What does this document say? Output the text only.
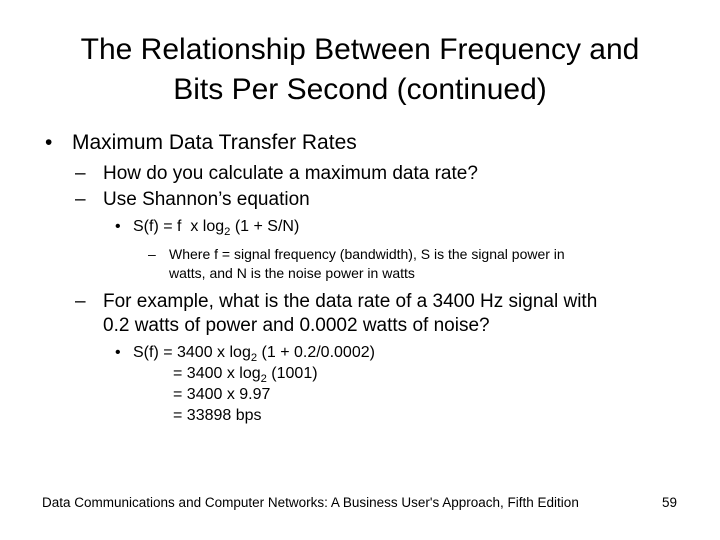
The Relationship Between Frequency and
Bits Per Second (continued)
• Maximum Data Transfer Rates
– How do you calculate a maximum data rate?
– Use Shannon’s equation
• S(f) = f  x $\log_2 (1 + S/N)$
– Where f = signal frequency (bandwidth), S is the signal power in
watts, and N is the noise power in watts
– For example, what is the data rate of a 3400 Hz signal with
0.2 watts of power and 0.0002 watts of noise?
• S(f) = 3400 x $\log_2 (1 + 0.2/0.0002)$
= 3400 x $\log_2 (1001)$
= 3400 x 9.97
= 33898 bps
Data Communications and Computer Networks: A Business User's Approach, Fifth Edition	59
